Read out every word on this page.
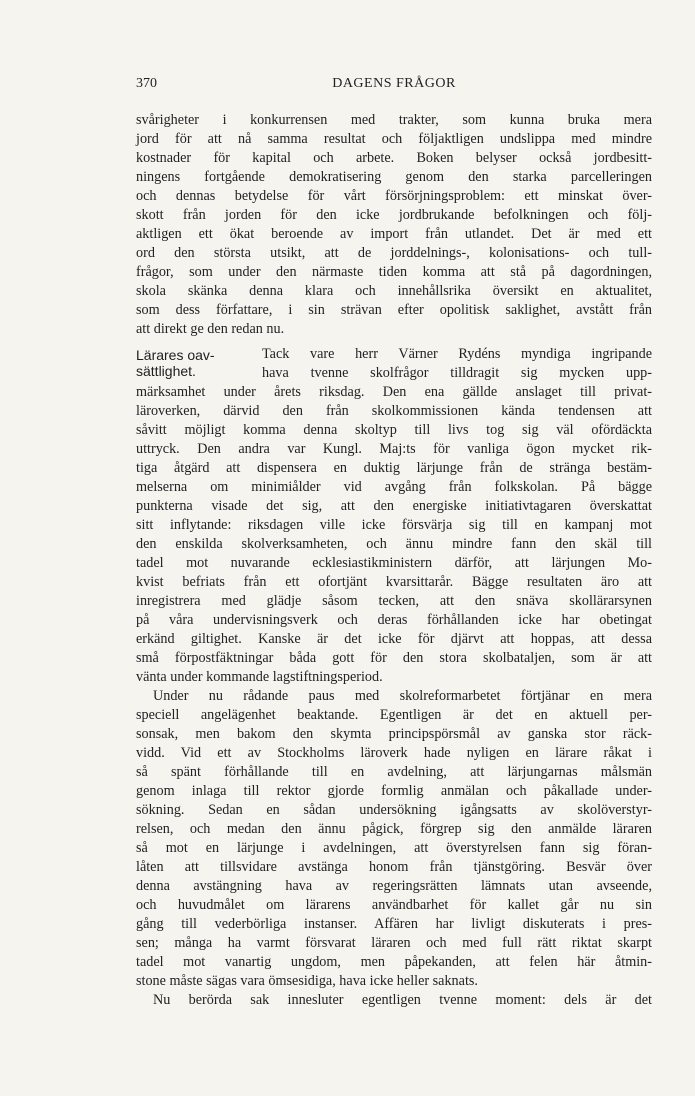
370	DAGENS FRÅGOR
svårigheter i konkurrensen med trakter, som kunna bruka mera
jord för att nå samma resultat och följaktligen undslippa med mindre
kostnader för kapital och arbete. Boken belyser också jordbesitt-
ningens fortgående demokratisering genom den starka parcelleringen
och dennas betydelse för vårt försörjningsproblem: ett minskat över-
skott från jorden för den icke jordbrukande befolkningen och följ-
aktligen ett ökat beroende av import från utlandet. Det är med ett
ord den största utsikt, att de jorddelnings-, kolonisations- och tull-
frågor, som under den närmaste tiden komma att stå på dagordningen,
skola skänka denna klara och innehållsrika översikt en aktualitet,
som dess författare, i sin strävan efter opolitisk saklighet, avstått från
att direkt ge den redan nu.
Lärares oav-
sättlighet.
Tack vare herr Värner Rydéns myndiga ingripande
hava tvenne skolfrågor tilldragit sig mycken upp-
märksamhet under årets riksdag. Den ena gällde anslaget till privat-
läroverken, därvid den från skolkommissionen kända tendensen att
såvitt möjligt komma denna skoltyp till livs tog sig väl ofördäckta
uttryck. Den andra var Kungl. Maj:ts för vanliga ögon mycket rik-
tiga åtgärd att dispensera en duktig lärjunge från de stränga bestäm-
melserna om minimiålder vid avgång från folkskolan. På bägge
punkterna visade det sig, att den energiske initiativtagaren överskattat
sitt inflytande: riksdagen ville icke försvärja sig till en kampanj mot
den enskilda skolverksamheten, och ännu mindre fann den skäl till
tadel mot nuvarande ecklesiastikministern därför, att lärjungen Mo-
kvist befriats från ett ofortjänt kvarsittarår. Bägge resultaten äro att
inregistrera med glädje såsom tecken, att den snäva skollärarsynen
på våra undervisningsverk och deras förhållanden icke har obetingat
erkänd giltighet. Kanske är det icke för djärvt att hoppas, att dessa
små förpostfäktningar båda gott för den stora skolbataljen, som är att
vänta under kommande lagstiftningsperiod.
Under nu rådande paus med skolreformarbetet förtjänar en mera
speciell angelägenhet beaktande. Egentligen är det en aktuell per-
sonsak, men bakom den skymta principspörsmål av ganska stor räck-
vidd. Vid ett av Stockholms läroverk hade nyligen en lärare råkat i
så spänt förhållande till en avdelning, att lärjungarnas målsmän
genom inlaga till rektor gjorde formlig anmälan och påkallade under-
sökning. Sedan en sådan undersökning igångsatts av skolöverstyr-
relsen, och medan den ännu pågick, förgrep sig den anmälde läraren
så mot en lärjunge i avdelningen, att överstyrelsen fann sig föran-
låten att tillsvidare avstänga honom från tjänstgöring. Besvär över
denna avstängning hava av regeringsrätten lämnats utan avseende,
och huvudmålet om lärarens användbarhet för kallet går nu sin
gång till vederbörliga instanser. Affären har livligt diskuterats i pres-
sen; många ha varmt försvarat läraren och med full rätt riktat skarpt
tadel mot vanartig ungdom, men påpekanden, att felen här åtmin-
stone måste sägas vara ömsesidiga, hava icke heller saknats.
Nu berörda sak innesluter egentligen tvenne moment: dels är det
